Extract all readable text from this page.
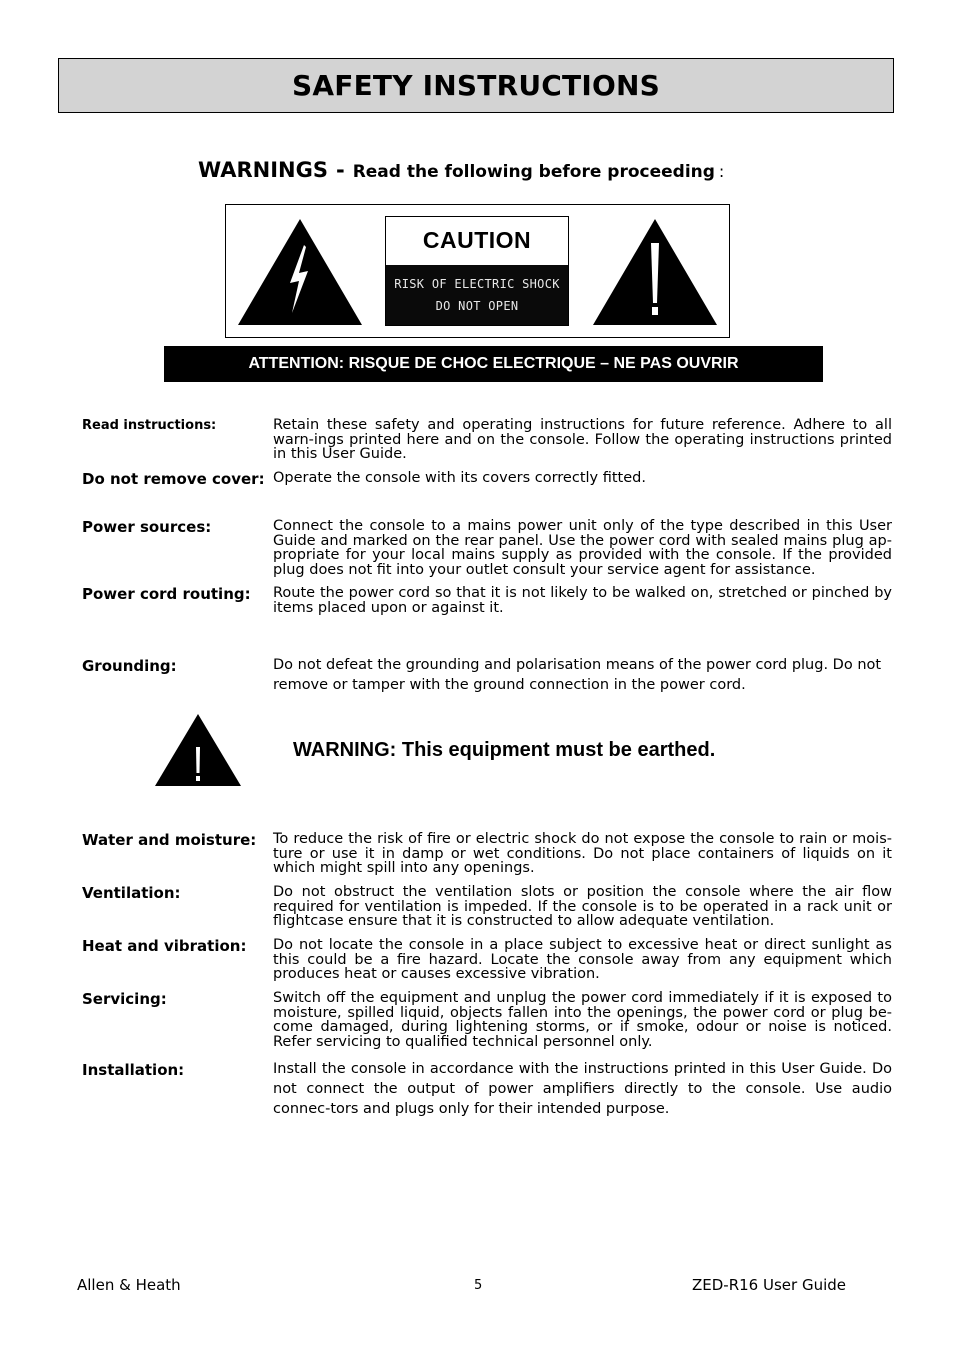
SAFETY INSTRUCTIONS
WARNINGS - Read the following before proceeding :
CAUTION
RISK OF ELECTRIC SHOCK
DO NOT OPEN
ATTENTION: RISQUE DE CHOC ELECTRIQUE – NE PAS OUVRIR
Read instructions:	Retain these safety and operating instructions for future reference. Adhere to all warn-ings printed here and on the console. Follow the operating instructions printed in this User Guide.
Do not remove cover: Operate the console with its covers correctly fitted.
Power sources:	Connect the console to a mains power unit only of the type described in this User Guide and marked on the rear panel. Use the power cord with sealed mains plug ap-propriate for your local mains supply as provided with the console. If the provided plug does not fit into your outlet consult your service agent for assistance.
Power cord routing: Route the power cord so that it is not likely to be walked on, stretched or pinched by items placed upon or against it.
Grounding:	Do not defeat the grounding and polarisation means of the power cord plug. Do not remove or tamper with the ground connection in the power cord.
WARNING: This equipment must be earthed.
Water and moisture: To reduce the risk of fire or electric shock do not expose the console to rain or mois-ture or use it in damp or wet conditions. Do not place containers of liquids on it which might spill into any openings.
Ventilation:	Do not obstruct the ventilation slots or position the console where the air flow required for ventilation is impeded. If the console is to be operated in a rack unit or flightcase ensure that it is constructed to allow adequate ventilation.
Heat and vibration: Do not locate the console in a place subject to excessive heat or direct sunlight as this could be a fire hazard. Locate the console away from any equipment which produces heat or causes excessive vibration.
Servicing:	Switch off the equipment and unplug the power cord immediately if it is exposed to moisture, spilled liquid, objects fallen into the openings, the power cord or plug be-come damaged, during lightening storms, or if smoke, odour or noise is noticed. Refer servicing to qualified technical personnel only.
Installation:	Install the console in accordance with the instructions printed in this User Guide. Do not connect the output of power amplifiers directly to the console. Use audio connec-tors and plugs only for their intended purpose.
Allen & Heath	5	ZED-R16 User Guide
